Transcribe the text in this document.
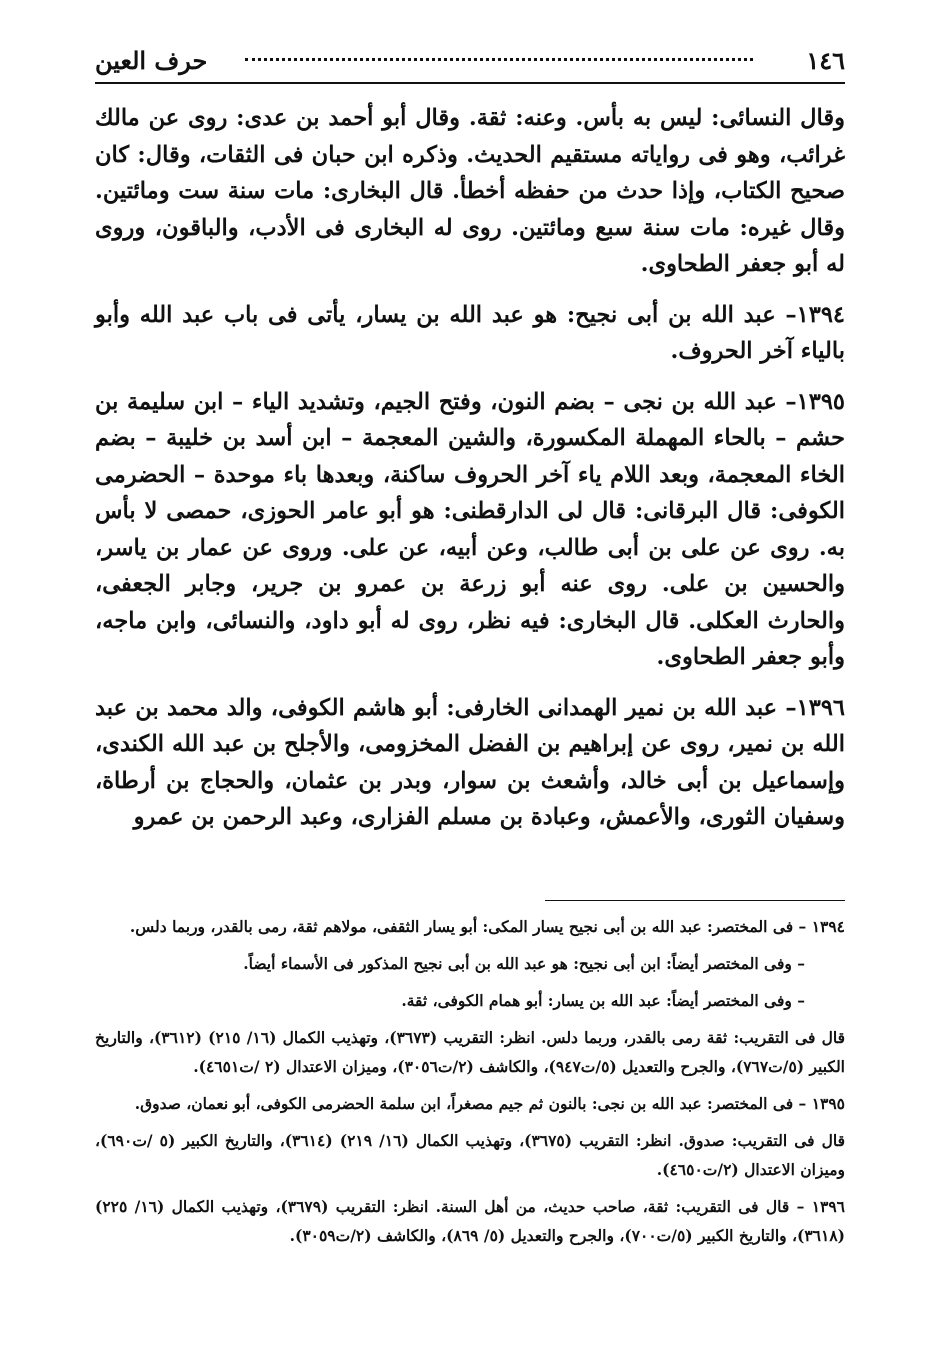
١٤٦
حرف العين

وقال النسائى: ليس به بأس. وعنه: ثقة. وقال أبو أحمد بن عدى: روى عن مالك غرائب، وهو فى رواياته مستقيم الحديث. وذكره ابن حبان فى الثقات، وقال: كان صحيح الكتاب، وإذا حدث من حفظه أخطأ. قال البخارى: مات سنة ست ومائتين. وقال غيره: مات سنة سبع ومائتين. روى له البخارى فى الأدب، والباقون، وروى له أبو جعفر الطحاوى.

١٣٩٤– عبد الله بن أبى نجيح: هو عبد الله بن يسار، يأتى فى باب عبد الله وأبو بالياء آخر الحروف.

١٣٩٥– عبد الله بن نجى – بضم النون، وفتح الجيم، وتشديد الياء – ابن سليمة بن حشم – بالحاء المهملة المكسورة، والشين المعجمة – ابن أسد بن خليبة – بضم الخاء المعجمة، وبعد اللام ياء آخر الحروف ساكنة، وبعدها باء موحدة – الحضرمى الكوفى: قال البرقانى: قال لى الدارقطنى: هو أبو عامر الحوزى، حمصى لا بأس به. روى عن على بن أبى طالب، وعن أبيه، عن على. وروى عن عمار بن ياسر، والحسين بن على. روى عنه أبو زرعة بن عمرو بن جرير، وجابر الجعفى، والحارث العكلى. قال البخارى: فيه نظر، روى له أبو داود، والنسائى، وابن ماجه، وأبو جعفر الطحاوى.

١٣٩٦– عبد الله بن نمير الهمدانى الخارفى: أبو هاشم الكوفى، والد محمد بن عبد الله بن نمير، روى عن إبراهيم بن الفضل المخزومى، والأجلح بن عبد الله الكندى، وإسماعيل بن أبى خالد، وأشعث بن سوار، وبدر بن عثمان، والحجاج بن أرطاة، وسفيان الثورى، والأعمش، وعبادة بن مسلم الفزارى، وعبد الرحمن بن عمرو

١٣٩٤ – فى المختصر: عبد الله بن أبى نجيح يسار المكى: أبو يسار الثقفى، مولاهم ثقة، رمى بالقدر، وربما دلس.

– وفى المختصر أيضاً: ابن أبى نجيح: هو عبد الله بن أبى نجيح المذكور فى الأسماء أيضاً.

– وفى المختصر أيضاً: عبد الله بن يسار: أبو همام الكوفى، ثقة.

قال فى التقريب: ثقة رمى بالقدر، وربما دلس. انظر: التقريب (٣٦٧٣)، وتهذيب الكمال (١٦/ ٢١٥) (٣٦١٢)، والتاريخ الكبير (٥/ت٧٦٧)، والجرح والتعديل (٥/ت٩٤٧)، والكاشف (٢/ت٣٠٥٦)، وميزان الاعتدال (٢ /ت٤٦٥١).

١٣٩٥ – فى المختصر: عبد الله بن نجى: بالنون ثم جيم مصغراً، ابن سلمة الحضرمى الكوفى، أبو نعمان، صدوق.

قال فى التقريب: صدوق. انظر: التقريب (٣٦٧٥)، وتهذيب الكمال (١٦/ ٢١٩) (٣٦١٤)، والتاريخ الكبير (٥ /ت٦٩٠)، وميزان الاعتدال (٢/ت٤٦٥٠).

١٣٩٦ – قال فى التقريب: ثقة، صاحب حديث، من أهل السنة. انظر: التقريب (٣٦٧٩)، وتهذيب الكمال (١٦/ ٢٢٥) (٣٦١٨)، والتاريخ الكبير (٥/ت٧٠٠)، والجرح والتعديل (٥/ ٨٦٩)، والكاشف (٢/ت٣٠٥٩).
